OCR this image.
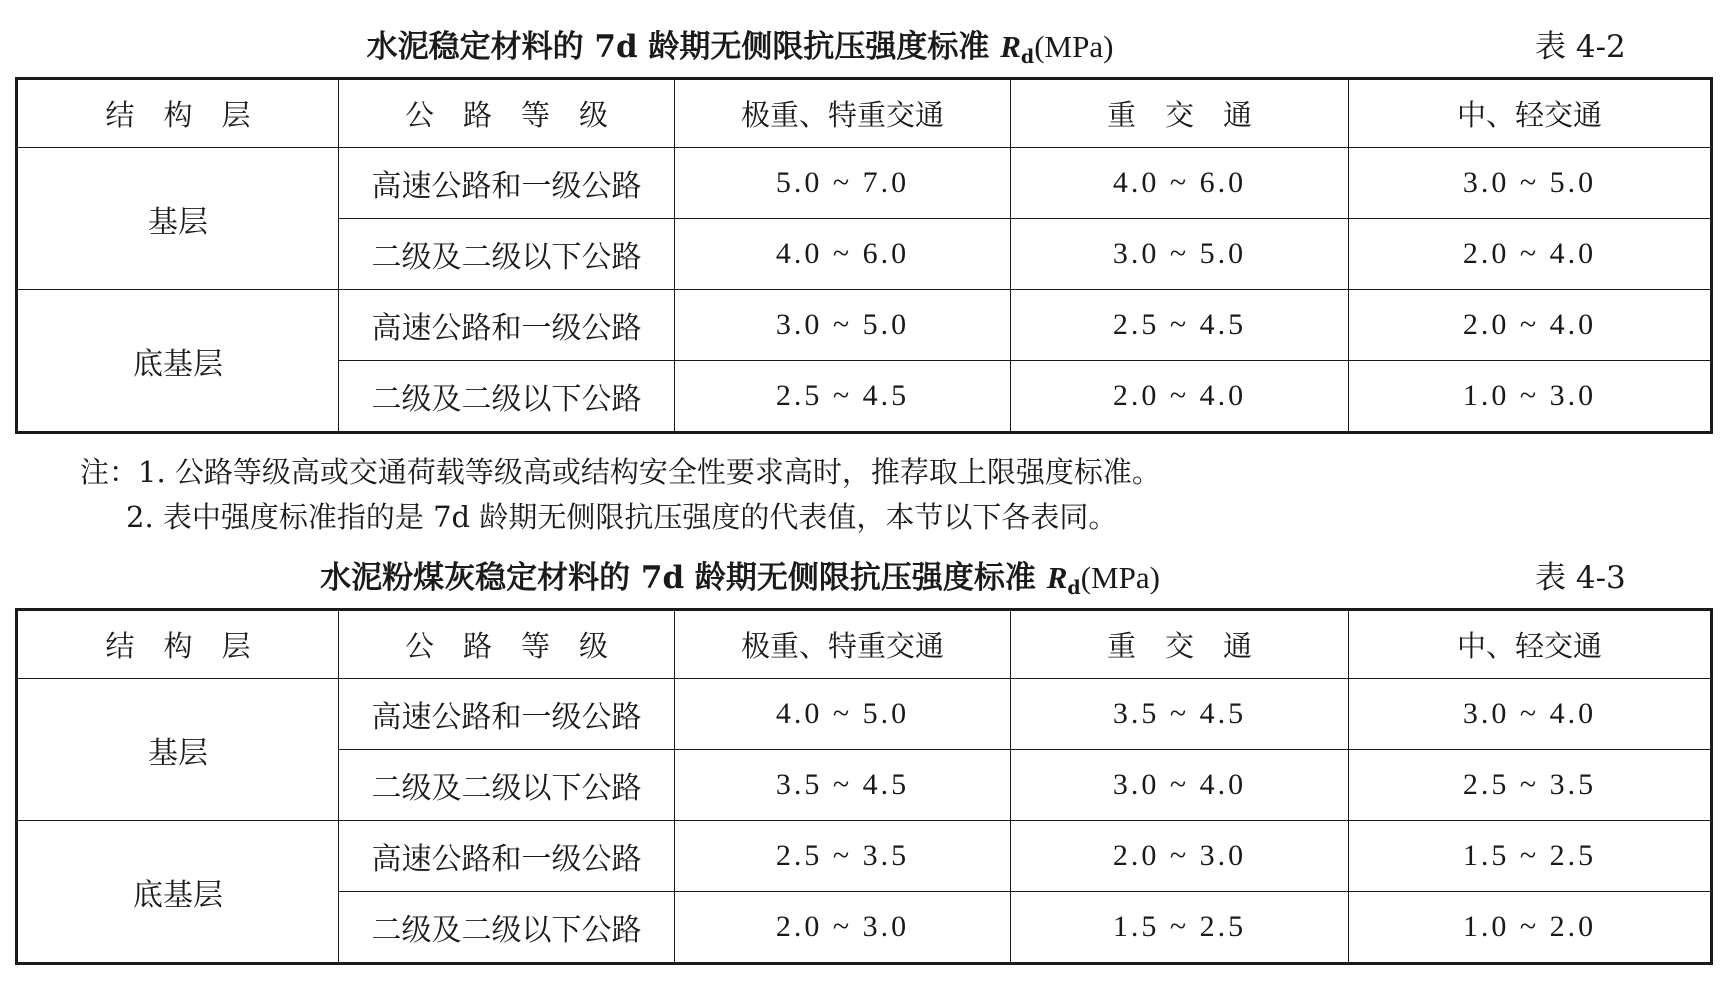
水泥稳定材料的 7d 龄期无侧限抗压强度标准 $R_d(MPa)$	表 4-2
结　构　层	公　路　等　级	极重、特重交通	重　交　通	中、轻交通
基层	高速公路和一级公路	5.0 ~ 7.0	4.0 ~ 6.0	3.0 ~ 5.0
	二级及二级以下公路	4.0 ~ 6.0	3.0 ~ 5.0	2.0 ~ 4.0
底基层	高速公路和一级公路	3.0 ~ 5.0	2.5 ~ 4.5	2.0 ~ 4.0
	二级及二级以下公路	2.5 ~ 4.5	2.0 ~ 4.0	1.0 ~ 3.0
注：1. 公路等级高或交通荷载等级高或结构安全性要求高时，推荐取上限强度标准。
2. 表中强度标准指的是 7d 龄期无侧限抗压强度的代表值，本节以下各表同。
水泥粉煤灰稳定材料的 7d 龄期无侧限抗压强度标准 $R_d(MPa)$	表 4-3
结　构　层	公　路　等　级	极重、特重交通	重　交　通	中、轻交通
基层	高速公路和一级公路	4.0 ~ 5.0	3.5 ~ 4.5	3.0 ~ 4.0
	二级及二级以下公路	3.5 ~ 4.5	3.0 ~ 4.0	2.5 ~ 3.5
底基层	高速公路和一级公路	2.5 ~ 3.5	2.0 ~ 3.0	1.5 ~ 2.5
	二级及二级以下公路	2.0 ~ 3.0	1.5 ~ 2.5	1.0 ~ 2.0
